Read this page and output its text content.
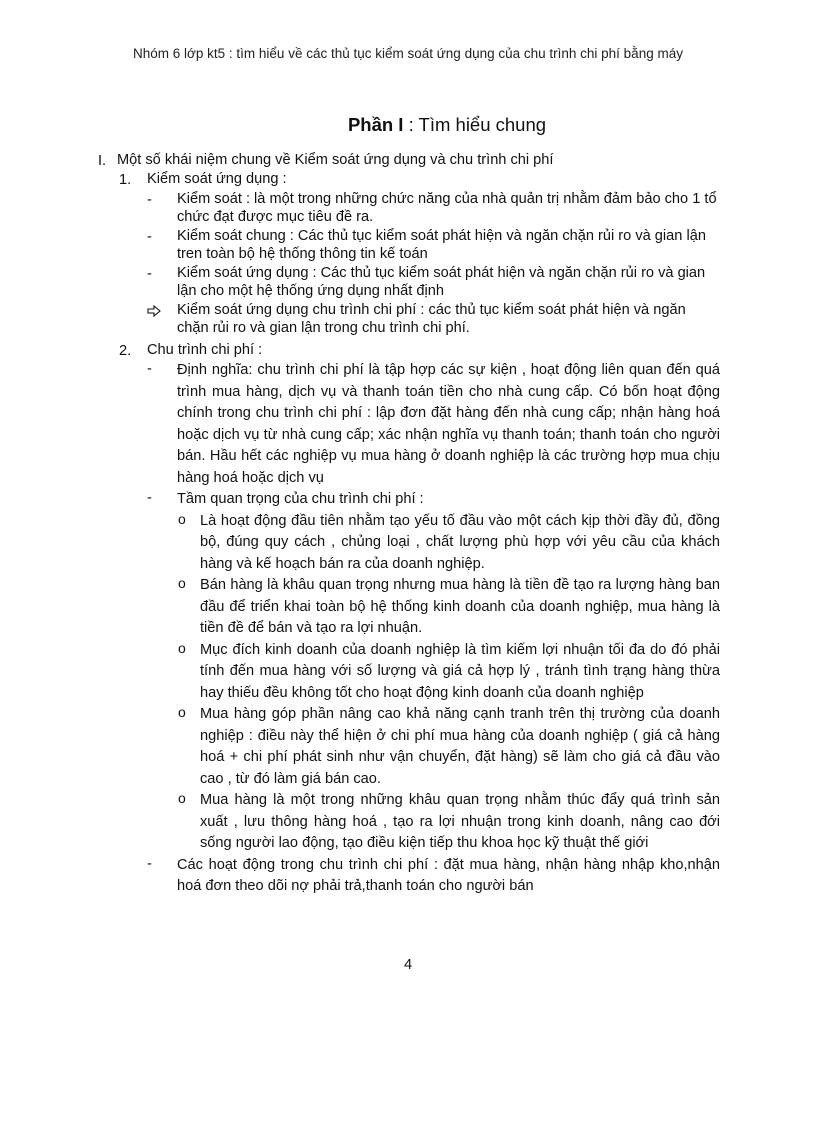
Nhóm 6 lớp kt5 : tìm hiểu về các thủ tục kiểm soát ứng dụng của chu trình chi phí bằng máy
Phần I : Tìm hiểu chung
I. Một số khái niệm chung về Kiểm soát ứng dụng và chu trình chi phí
1.	Kiểm soát ứng dụng :
-	Kiểm soát : là một trong những chức năng của nhà quản trị nhằm đảm bảo cho 1 tổ chức đạt được mục tiêu đề ra.
-	Kiểm soát chung : Các thủ tục kiểm soát phát hiện và ngăn chặn rủi ro và gian lận tren toàn bộ hệ thống thông tin kế toán
-	Kiểm soát ứng dụng : Các thủ tục kiểm soát phát hiện và ngăn chặn rủi ro và gian lận cho một hệ thống ứng dụng nhất định
Kiểm soát ứng dụng chu trình chi phí : các thủ tục kiểm soát phát hiện và ngăn chặn rủi ro và gian lận trong chu trình chi phí.
2.	Chu trình chi phí :
-	Định nghĩa: chu trình chi phí là tập hợp các sự kiện , hoạt động liên quan đến quá trình mua hàng, dịch vụ và thanh toán tiền cho nhà cung cấp. Có bốn hoạt động chính trong chu trình chi phí : lập đơn đặt hàng đến nhà cung cấp; nhận hàng hoá hoặc dịch vụ từ nhà cung cấp; xác nhận nghĩa vụ thanh toán; thanh toán cho người bán. Hầu hết các nghiệp vụ mua hàng ở doanh nghiệp là các trường hợp mua chịu hàng hoá hoặc dịch vụ
-	Tầm quan trọng của chu trình chi phí :
o Là hoạt động đầu tiên nhằm tạo yếu tố đầu vào một cách kịp thời đầy đủ, đồng bộ, đúng quy cách , chủng loại , chất lượng phù hợp với yêu cầu của khách hàng và kế hoạch bán ra của doanh nghiệp.
o Bán hàng là khâu quan trọng nhưng mua hàng là tiền đề tạo ra lượng hàng ban đầu để triển khai toàn bộ hệ thống kinh doanh của doanh nghiệp, mua hàng là tiền đề để bán và tạo ra lợi nhuận.
o Mục đích kinh doanh của doanh nghiệp là tìm kiếm lợi nhuận tối đa do đó phải tính đến mua hàng với số lượng và giá cả hợp lý , tránh tình trạng hàng thừa hay thiếu đều không tốt cho hoạt động kinh doanh của doanh nghiệp
o Mua hàng góp phần nâng cao khả năng cạnh tranh trên thị trường của doanh nghiệp : điều này thể hiện ở chi phí mua hàng của doanh nghiệp ( giá cả hàng hoá + chi phí phát sinh như vận chuyển, đặt hàng) sẽ làm cho giá cả đầu vào cao , từ đó làm giá bán cao.
o Mua hàng là một trong những khâu quan trọng nhằm thúc đẩy quá trình sản xuất , lưu thông hàng hoá , tạo ra lợi nhuận trong kinh doanh, nâng cao đới sống người lao động, tạo điều kiện tiếp thu khoa học kỹ thuật thế giới
-	Các hoạt động trong chu trình chi phí : đặt mua hàng, nhận hàng nhập kho,nhận hoá đơn theo dõi nợ phải trả,thanh toán cho người bán
4
